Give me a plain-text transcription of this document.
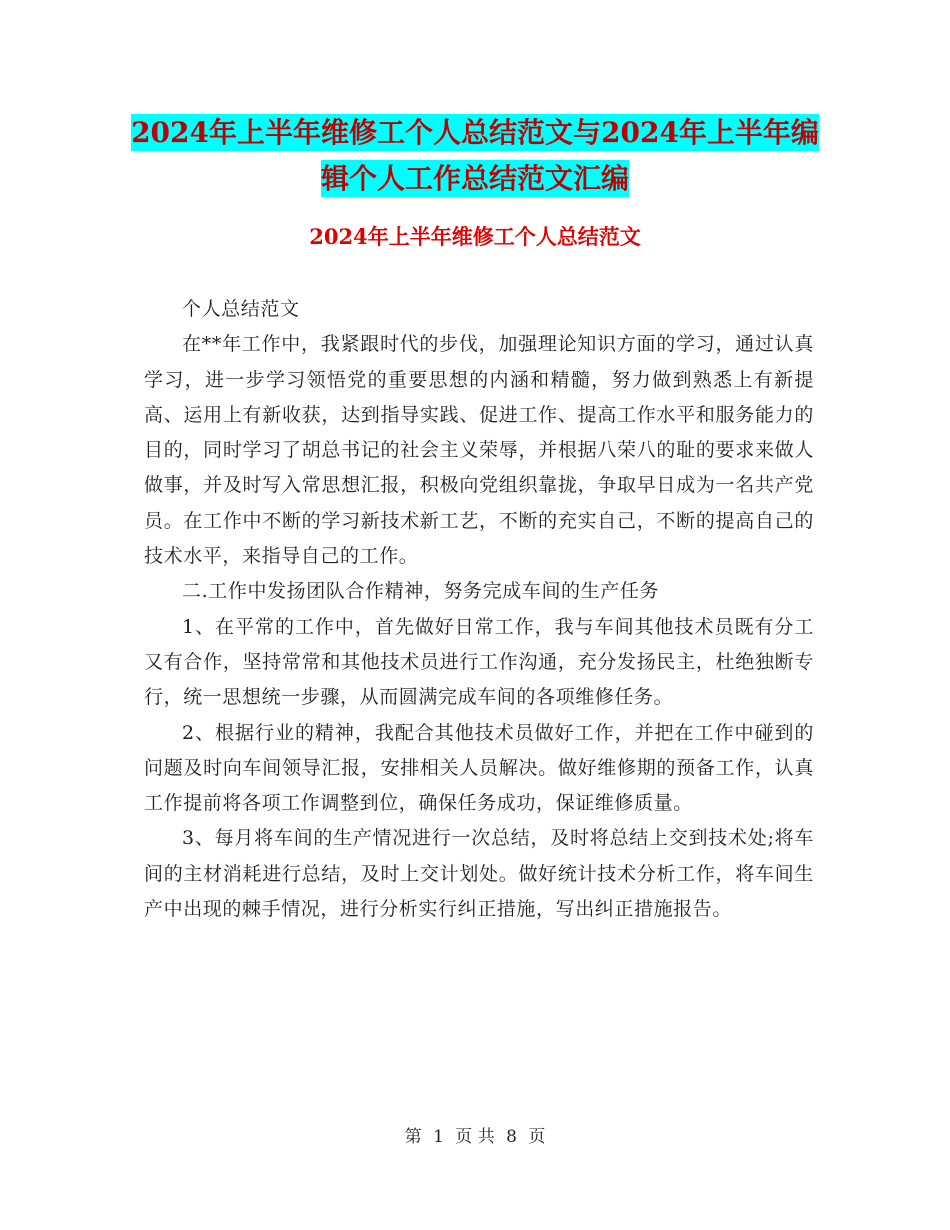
2024年上半年维修工个人总结范文与2024年上半年编
辑个人工作总结范文汇编
2024年上半年维修工个人总结范文

个人总结范文

在**年工作中，我紧跟时代的步伐，加强理论知识方面的学习，通过认真学习，进一步学习领悟党的重要思想的内涵和精髓，努力做到熟悉上有新提高、运用上有新收获，达到指导实践、促进工作、提高工作水平和服务能力的目的，同时学习了胡总书记的社会主义荣辱，并根据八荣八的耻的要求来做人做事，并及时写入常思想汇报，积极向党组织靠拢，争取早日成为一名共产党员。在工作中不断的学习新技术新工艺，不断的充实自己，不断的提高自己的技术水平，来指导自己的工作。

二.工作中发扬团队合作精神，努务完成车间的生产任务

1、在平常的工作中，首先做好日常工作，我与车间其他技术员既有分工又有合作，坚持常常和其他技术员进行工作沟通，充分发扬民主，杜绝独断专行，统一思想统一步骤，从而圆满完成车间的各项维修任务。

2、根据行业的精神，我配合其他技术员做好工作，并把在工作中碰到的问题及时向车间领导汇报，安排相关人员解决。做好维修期的预备工作，认真工作提前将各项工作调整到位，确保任务成功，保证维修质量。

3、每月将车间的生产情况进行一次总结，及时将总结上交到技术处;将车间的主材消耗进行总结，及时上交计划处。做好统计技术分析工作，将车间生产中出现的棘手情况，进行分析实行纠正措施，写出纠正措施报告。

第 1 页 共 8 页
